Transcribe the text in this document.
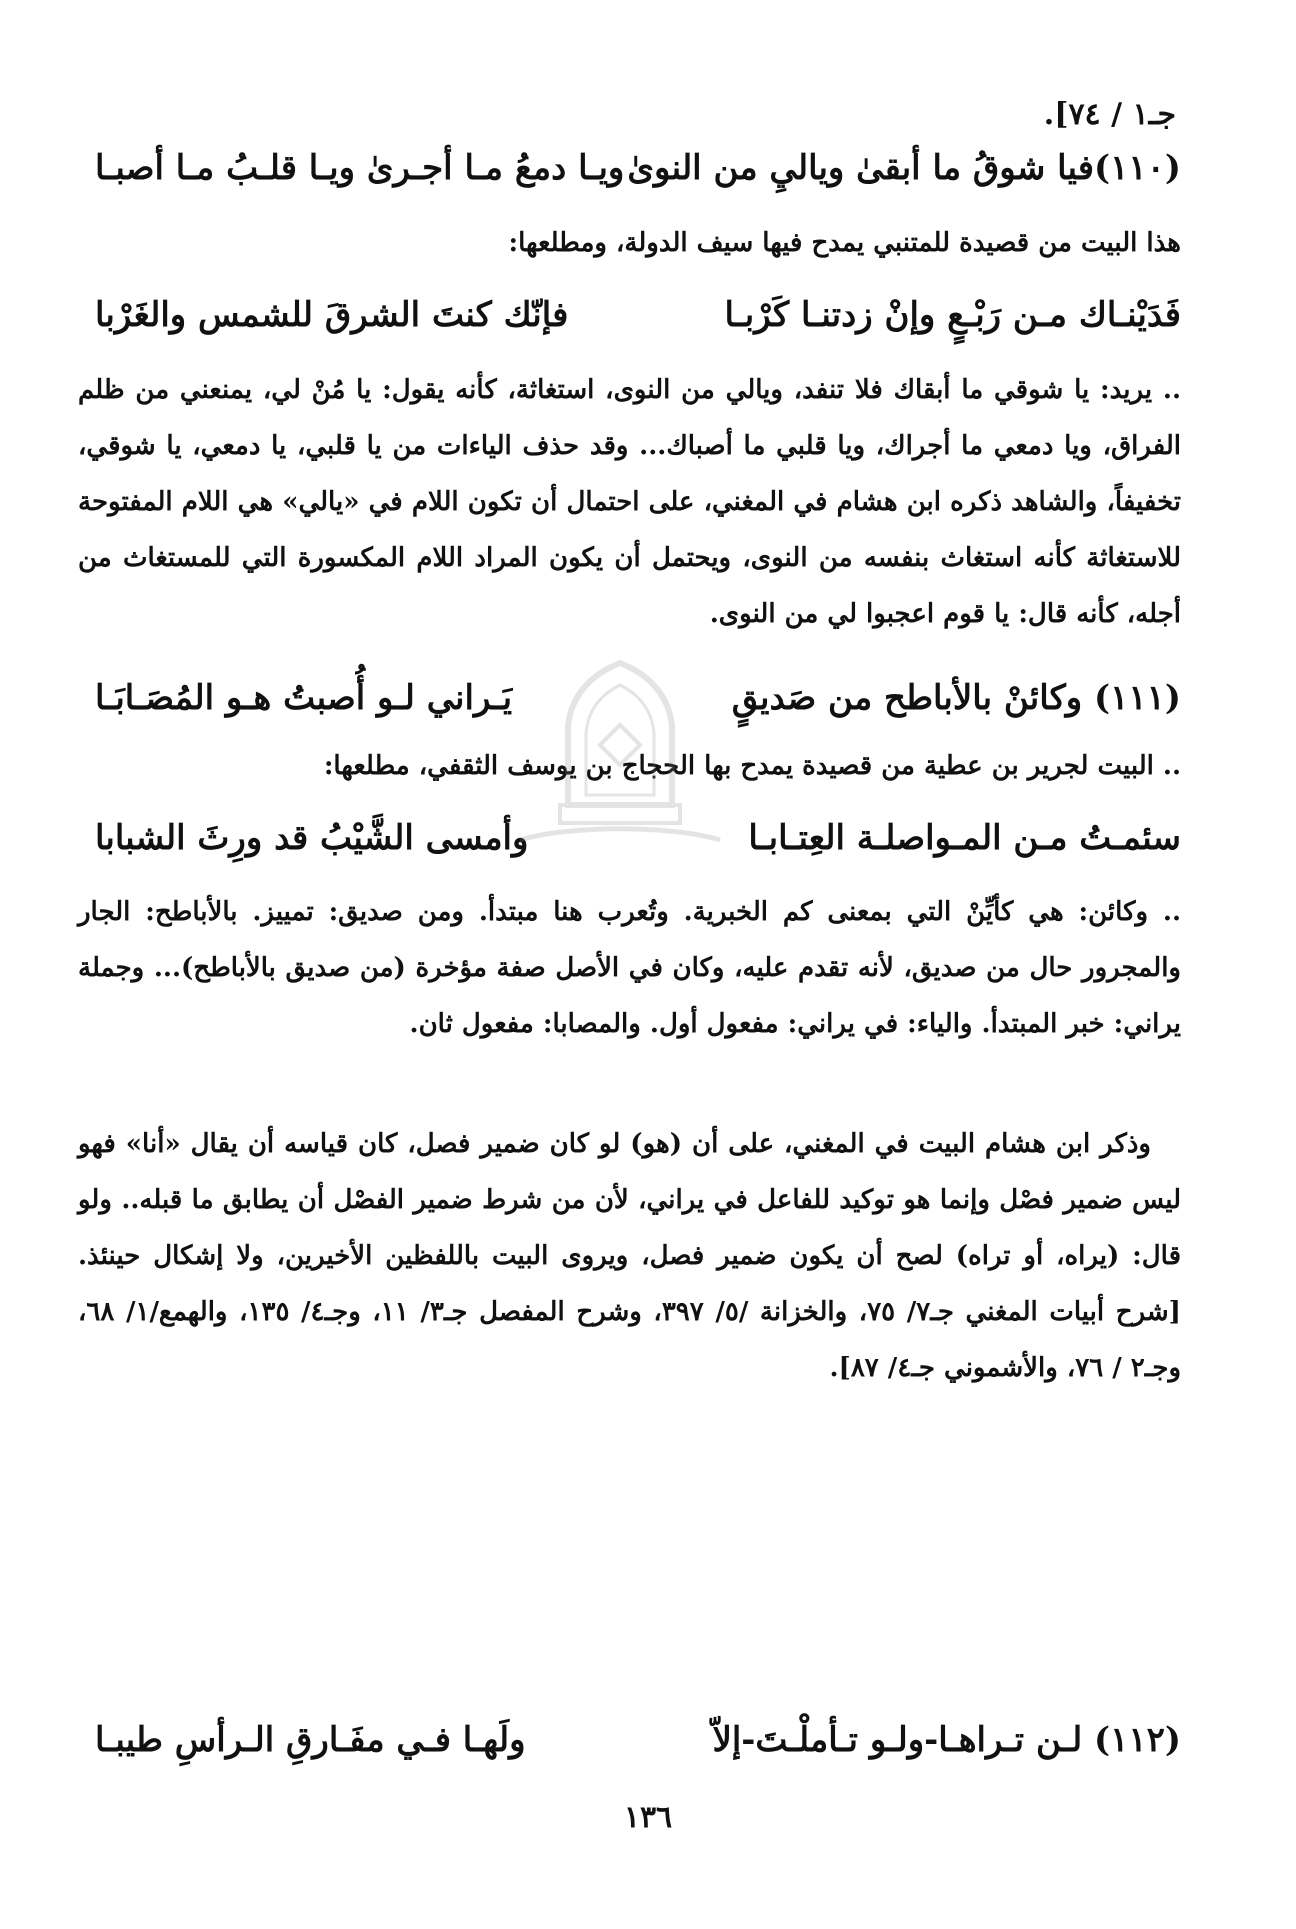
جـ١ / ٧٤].
(١١٠)فيا شوقُ ما أبقىٰ وياليِ من النوىٰ
ويـا دمعُ مـا أجـرىٰ ويـا قلـبُ مـا أصبـا
هذا البيت من قصيدة للمتنبي يمدح فيها سيف الدولة، ومطلعها:
فَدَيْنـاك مـن رَبْـعٍ وإنْ زدتنـا كَرْبـا
فإنّك كنتَ الشرقَ للشمس والغَرْبا
.. يريد: يا شوقي ما أبقاك فلا تنفد، ويالي من النوى، استغاثة، كأنه يقول: يا مُنْ لي، يمنعني من ظلم الفراق، ويا دمعي ما أجراك، ويا قلبي ما أصباك... وقد حذف الياءات من يا قلبي، يا دمعي، يا شوقي، تخفيفاً، والشاهد ذكره ابن هشام في المغني، على احتمال أن تكون اللام في «يالي» هي اللام المفتوحة للاستغاثة كأنه استغاث بنفسه من النوى، ويحتمل أن يكون المراد اللام المكسورة التي للمستغاث من أجله، كأنه قال: يا قوم اعجبوا لي من النوى.
(١١١) وكائنْ بالأباطح من صَديقٍ
يَـراني لـو أُصبتُ هـو المُصَـابَـا
.. البيت لجرير بن عطية من قصيدة يمدح بها الحجاج بن يوسف الثقفي، مطلعها:
سئمـتُ مـن المـواصلـة العِتـابـا
وأمسى الشَّيْبُ قد ورِثَ الشبابا
.. وكائن: هي كأيِّنْ التي بمعنى كم الخبرية. وتُعرب هنا مبتدأ. ومن صديق: تمييز. بالأباطح: الجار والمجرور حال من صديق، لأنه تقدم عليه، وكان في الأصل صفة مؤخرة (من صديق بالأباطح)... وجملة يراني: خبر المبتدأ. والياء: في يراني: مفعول أول. والمصابا: مفعول ثان.
وذكر ابن هشام البيت في المغني، على أن (هو) لو كان ضمير فصل، كان قياسه أن يقال «أنا» فهو ليس ضمير فصْل وإنما هو توكيد للفاعل في يراني، لأن من شرط ضمير الفصْل أن يطابق ما قبله.. ولو قال: (يراه، أو تراه) لصح أن يكون ضمير فصل، ويروى البيت باللفظين الأخيرين، ولا إشكال حينئذ. [شرح أبيات المغني جـ٧/ ٧٥، والخزانة /٥/ ٣٩٧، وشرح المفصل جـ٣/ ١١، وجـ٤/ ١٣٥، والهمع/١/ ٦٨، وجـ٢ / ٧٦، والأشموني جـ٤/ ٨٧].
(١١٢) لـن تـراهـا-ولـو تـأملْـتَ-إلاّ
ولَهـا فـي مفَـارقِ الـرأسِ طيبـا
١٣٦
